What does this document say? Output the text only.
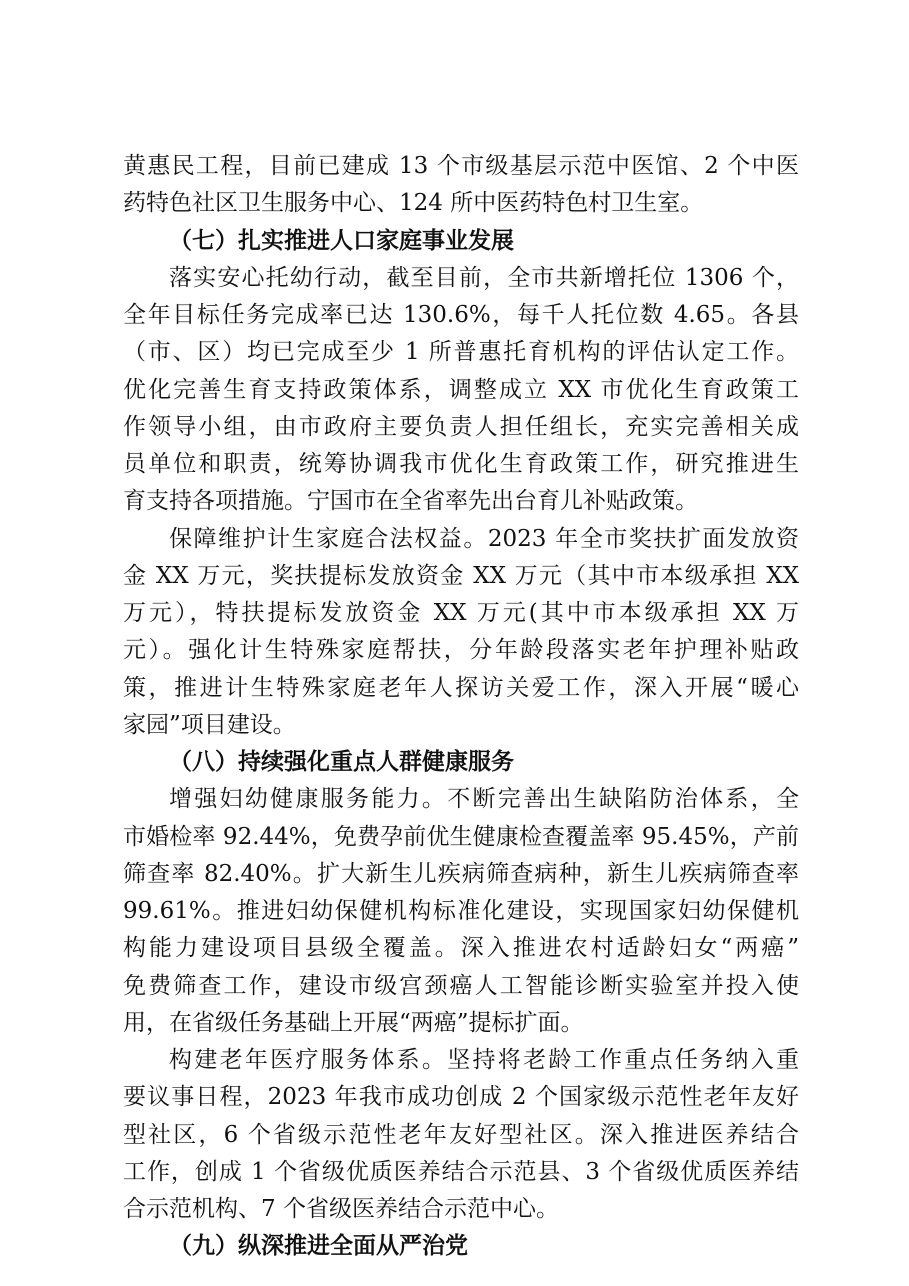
黄惠民工程，目前已建成 13 个市级基层示范中医馆、2 个中医
药特色社区卫生服务中心、124 所中医药特色村卫生室。
（七）扎实推进人口家庭事业发展
落实安心托幼行动，截至目前，全市共新增托位 1306 个，
全年目标任务完成率已达 130.6%，每千人托位数 4.65。各县
（市、区）均已完成至少 1 所普惠托育机构的评估认定工作。
优化完善生育支持政策体系，调整成立 XX 市优化生育政策工
作领导小组，由市政府主要负责人担任组长，充实完善相关成
员单位和职责，统筹协调我市优化生育政策工作，研究推进生
育支持各项措施。宁国市在全省率先出台育儿补贴政策。
保障维护计生家庭合法权益。2023 年全市奖扶扩面发放资
金 XX 万元，奖扶提标发放资金 XX 万元（其中市本级承担 XX
万元），特扶提标发放资金 XX 万元(其中市本级承担 XX 万
元）。强化计生特殊家庭帮扶，分年龄段落实老年护理补贴政
策，推进计生特殊家庭老年人探访关爱工作，深入开展“暖心
家园”项目建设。
（八）持续强化重点人群健康服务
增强妇幼健康服务能力。不断完善出生缺陷防治体系，全
市婚检率 92.44%，免费孕前优生健康检查覆盖率 95.45%，产前
筛查率 82.40%。扩大新生儿疾病筛查病种，新生儿疾病筛查率
99.61%。推进妇幼保健机构标准化建设，实现国家妇幼保健机
构能力建设项目县级全覆盖。深入推进农村适龄妇女“两癌”
免费筛查工作，建设市级宫颈癌人工智能诊断实验室并投入使
用，在省级任务基础上开展“两癌”提标扩面。
构建老年医疗服务体系。坚持将老龄工作重点任务纳入重
要议事日程，2023 年我市成功创成 2 个国家级示范性老年友好
型社区，6 个省级示范性老年友好型社区。深入推进医养结合
工作，创成 1 个省级优质医养结合示范县、3 个省级优质医养结
合示范机构、7 个省级医养结合示范中心。
（九）纵深推进全面从严治党
